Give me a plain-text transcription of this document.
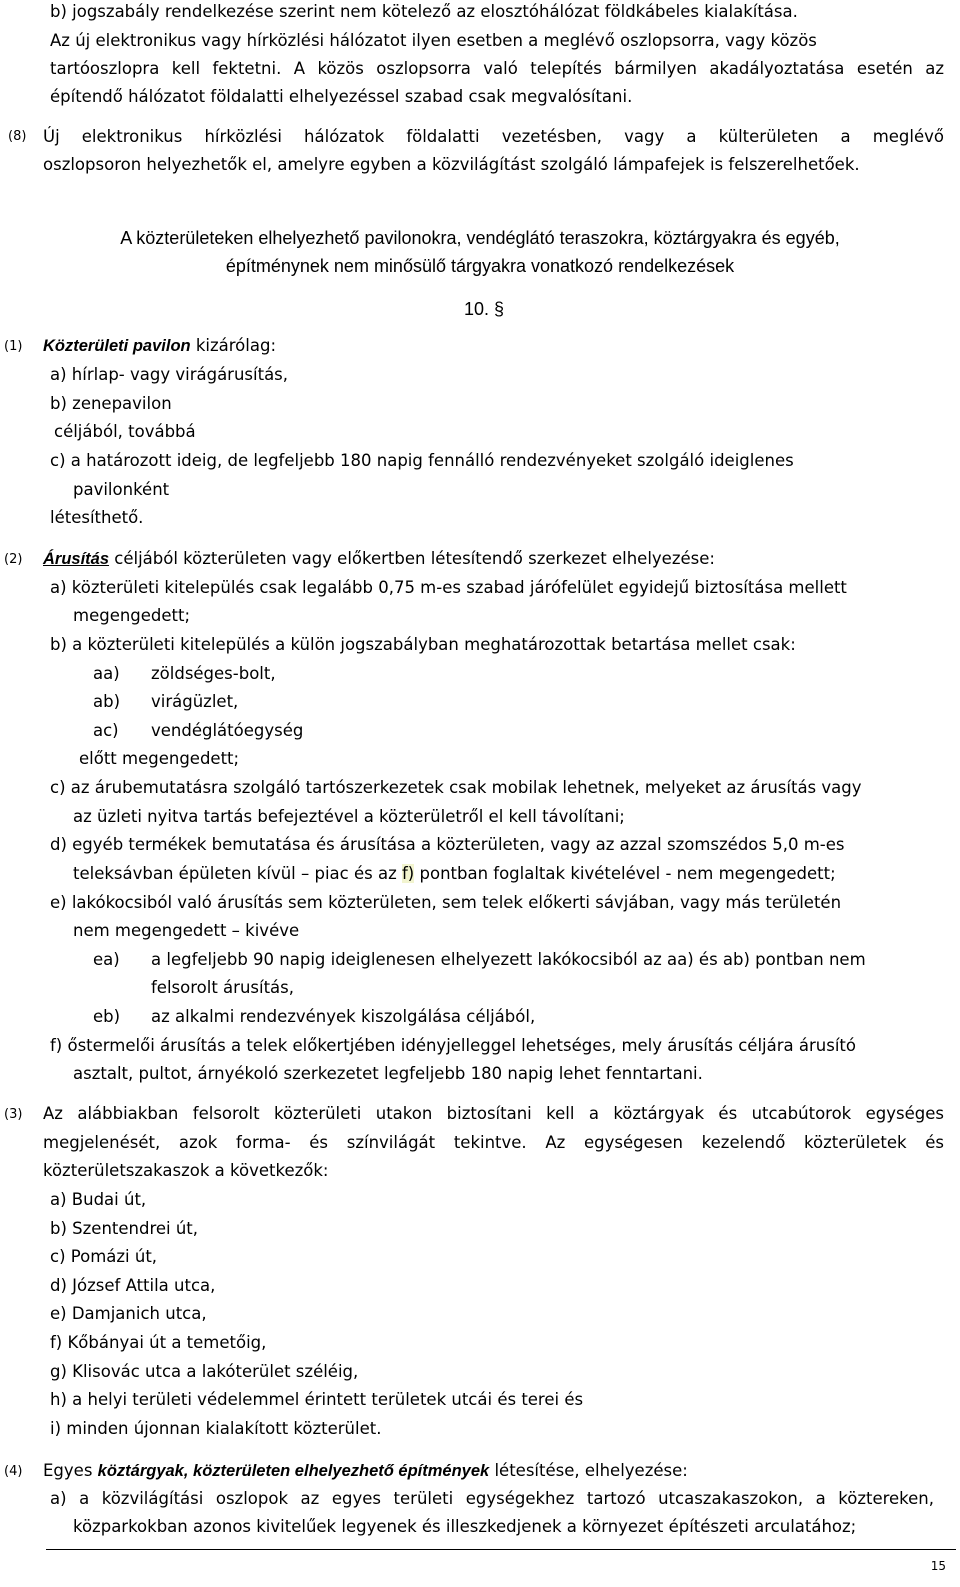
b) jogszabály rendelkezése szerint nem kötelező az elosztóhálózat földkábeles kialakítása.
Az új elektronikus vagy hírközlési hálózatot ilyen esetben a meglévő oszlopsorra, vagy közös
tartóoszlopra kell fektetni. A közös oszlopsorra való telepítés bármilyen akadályoztatása esetén az
építendő hálózatot földalatti elhelyezéssel szabad csak megvalósítani.
(8) Új elektronikus hírközlési hálózatok földalatti vezetésben, vagy a külterületen a meglévő
oszlopsoron helyezhetők el, amelyre egyben a közvilágítást szolgáló lámpafejek is felszerelhetőek.
A közterületeken elhelyezhető pavilonokra, vendéglátó teraszokra, köztárgyakra és egyéb,
építménynek nem minősülő tárgyakra vonatkozó rendelkezések
10. §
(1) Közterületi pavilon kizárólag:
a) hírlap- vagy virágárusítás,
b) zenepavilon
céljából, továbbá
c) a határozott ideig, de legfeljebb 180 napig fennálló rendezvényeket szolgáló ideiglenes
pavilonként
létesíthető.
(2) Árusítás céljából közterületen vagy előkertben létesítendő szerkezet elhelyezése:
a) közterületi kitelepülés csak legalább 0,75 m-es szabad járófelület egyidejű biztosítása mellett
megengedett;
b) a közterületi kitelepülés a külön jogszabályban meghatározottak betartása mellet csak:
aa) zöldséges-bolt,
ab) virágüzlet,
ac) vendéglátóegység
előtt megengedett;
c) az árubemutatásra szolgáló tartószerkezetek csak mobilak lehetnek, melyeket az árusítás vagy
az üzleti nyitva tartás befejeztével a közterületről el kell távolítani;
d) egyéb termékek bemutatása és árusítása a közterületen, vagy az azzal szomszédos 5,0 m-es
teleksávban épületen kívül – piac és az f) pontban foglaltak kivételével - nem megengedett;
e) lakókocsiból való árusítás sem közterületen, sem telek előkerti sávjában, vagy más területén
nem megengedett – kivéve
ea) a legfeljebb 90 napig ideiglenesen elhelyezett lakókocsiból az aa) és ab) pontban nem
felsorolt árusítás,
eb) az alkalmi rendezvények kiszolgálása céljából,
f) őstermelői árusítás a telek előkertjében idényjelleggel lehetséges, mely árusítás céljára árusító
asztalt, pultot, árnyékoló szerkezetet legfeljebb 180 napig lehet fenntartani.
(3) Az alábbiakban felsorolt közterületi utakon biztosítani kell a köztárgyak és utcabútorok egységes
megjelenését, azok forma- és színvilágát tekintve. Az egységesen kezelendő közterületek és
közterületszakaszok a következők:
a) Budai út,
b) Szentendrei út,
c) Pomázi út,
d) József Attila utca,
e) Damjanich utca,
f) Kőbányai út a temetőig,
g) Klisovác utca a lakóterület széléig,
h) a helyi területi védelemmel érintett területek utcái és terei és
i) minden újonnan kialakított közterület.
(4) Egyes köztárgyak, közterületen elhelyezhető építmények létesítése, elhelyezése:
a) a közvilágítási oszlopok az egyes területi egységekhez tartozó utcaszakaszokon, a köztereken,
közparkokban azonos kivitelűek legyenek és illeszkedjenek a környezet építészeti arculatához;
15
